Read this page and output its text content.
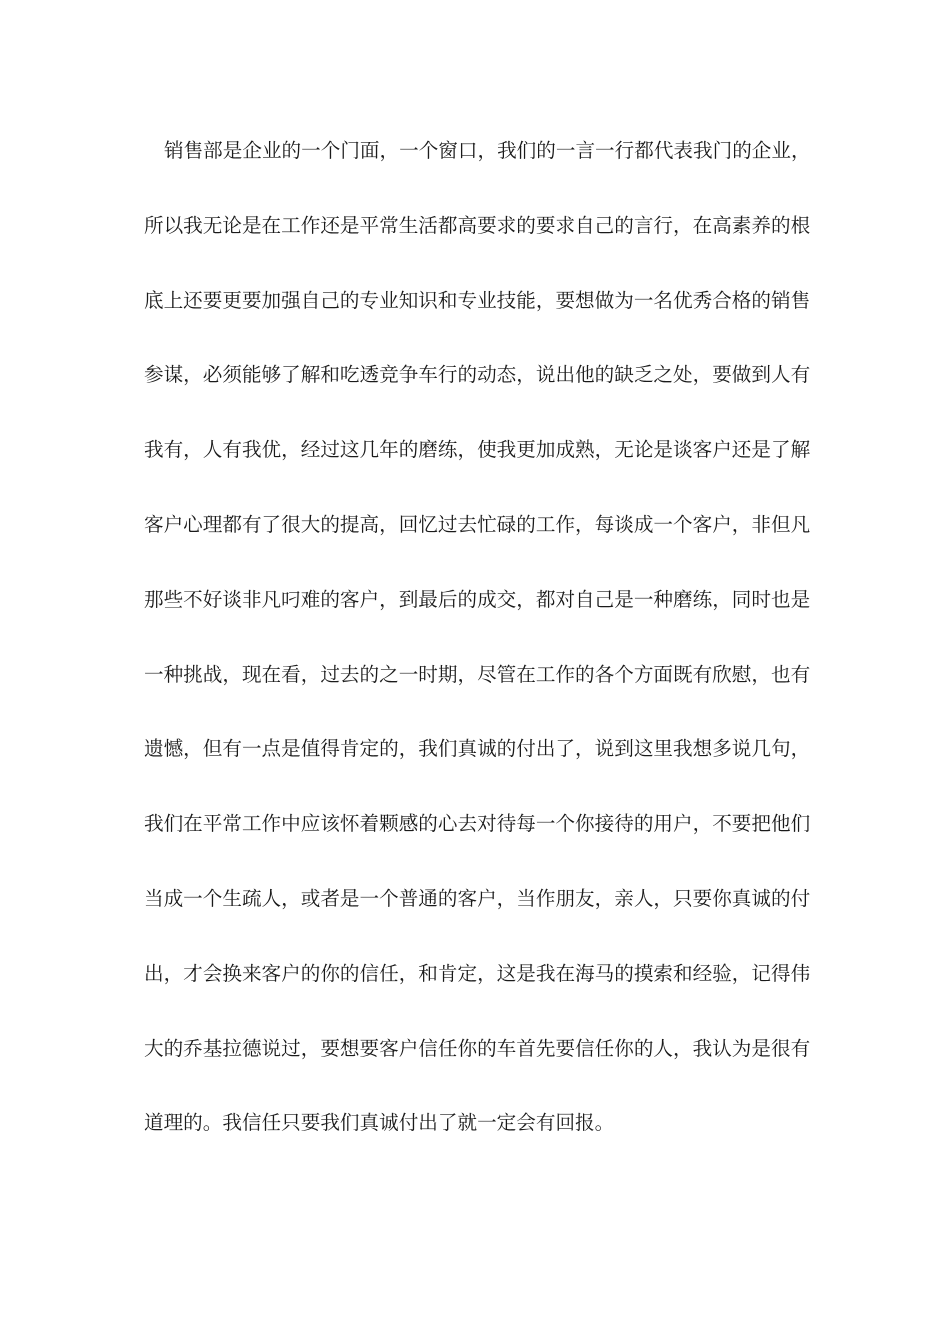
销售部是企业的一个门面，一个窗口，我们的一言一行都代表我门的企业，
所以我无论是在工作还是平常生活都高要求的要求自己的言行，在高素养的根
底上还要更要加强自己的专业知识和专业技能，要想做为一名优秀合格的销售
参谋，必须能够了解和吃透竞争车行的动态，说出他的缺乏之处，要做到人有
我有，人有我优，经过这几年的磨练，使我更加成熟，无论是谈客户还是了解
客户心理都有了很大的提高，回忆过去忙碌的工作，每谈成一个客户，非但凡
那些不好谈非凡叼难的客户，到最后的成交，都对自己是一种磨练，同时也是
一种挑战，现在看，过去的之一时期，尽管在工作的各个方面既有欣慰，也有
遗憾，但有一点是值得肯定的，我们真诚的付出了，说到这里我想多说几句，
我们在平常工作中应该怀着颗感的心去对待每一个你接待的用户，不要把他们
当成一个生疏人，或者是一个普通的客户，当作朋友，亲人，只要你真诚的付
出，才会换来客户的你的信任，和肯定，这是我在海马的摸索和经验，记得伟
大的乔基拉德说过，要想要客户信任你的车首先要信任你的人，我认为是很有
道理的。我信任只要我们真诚付出了就一定会有回报。
